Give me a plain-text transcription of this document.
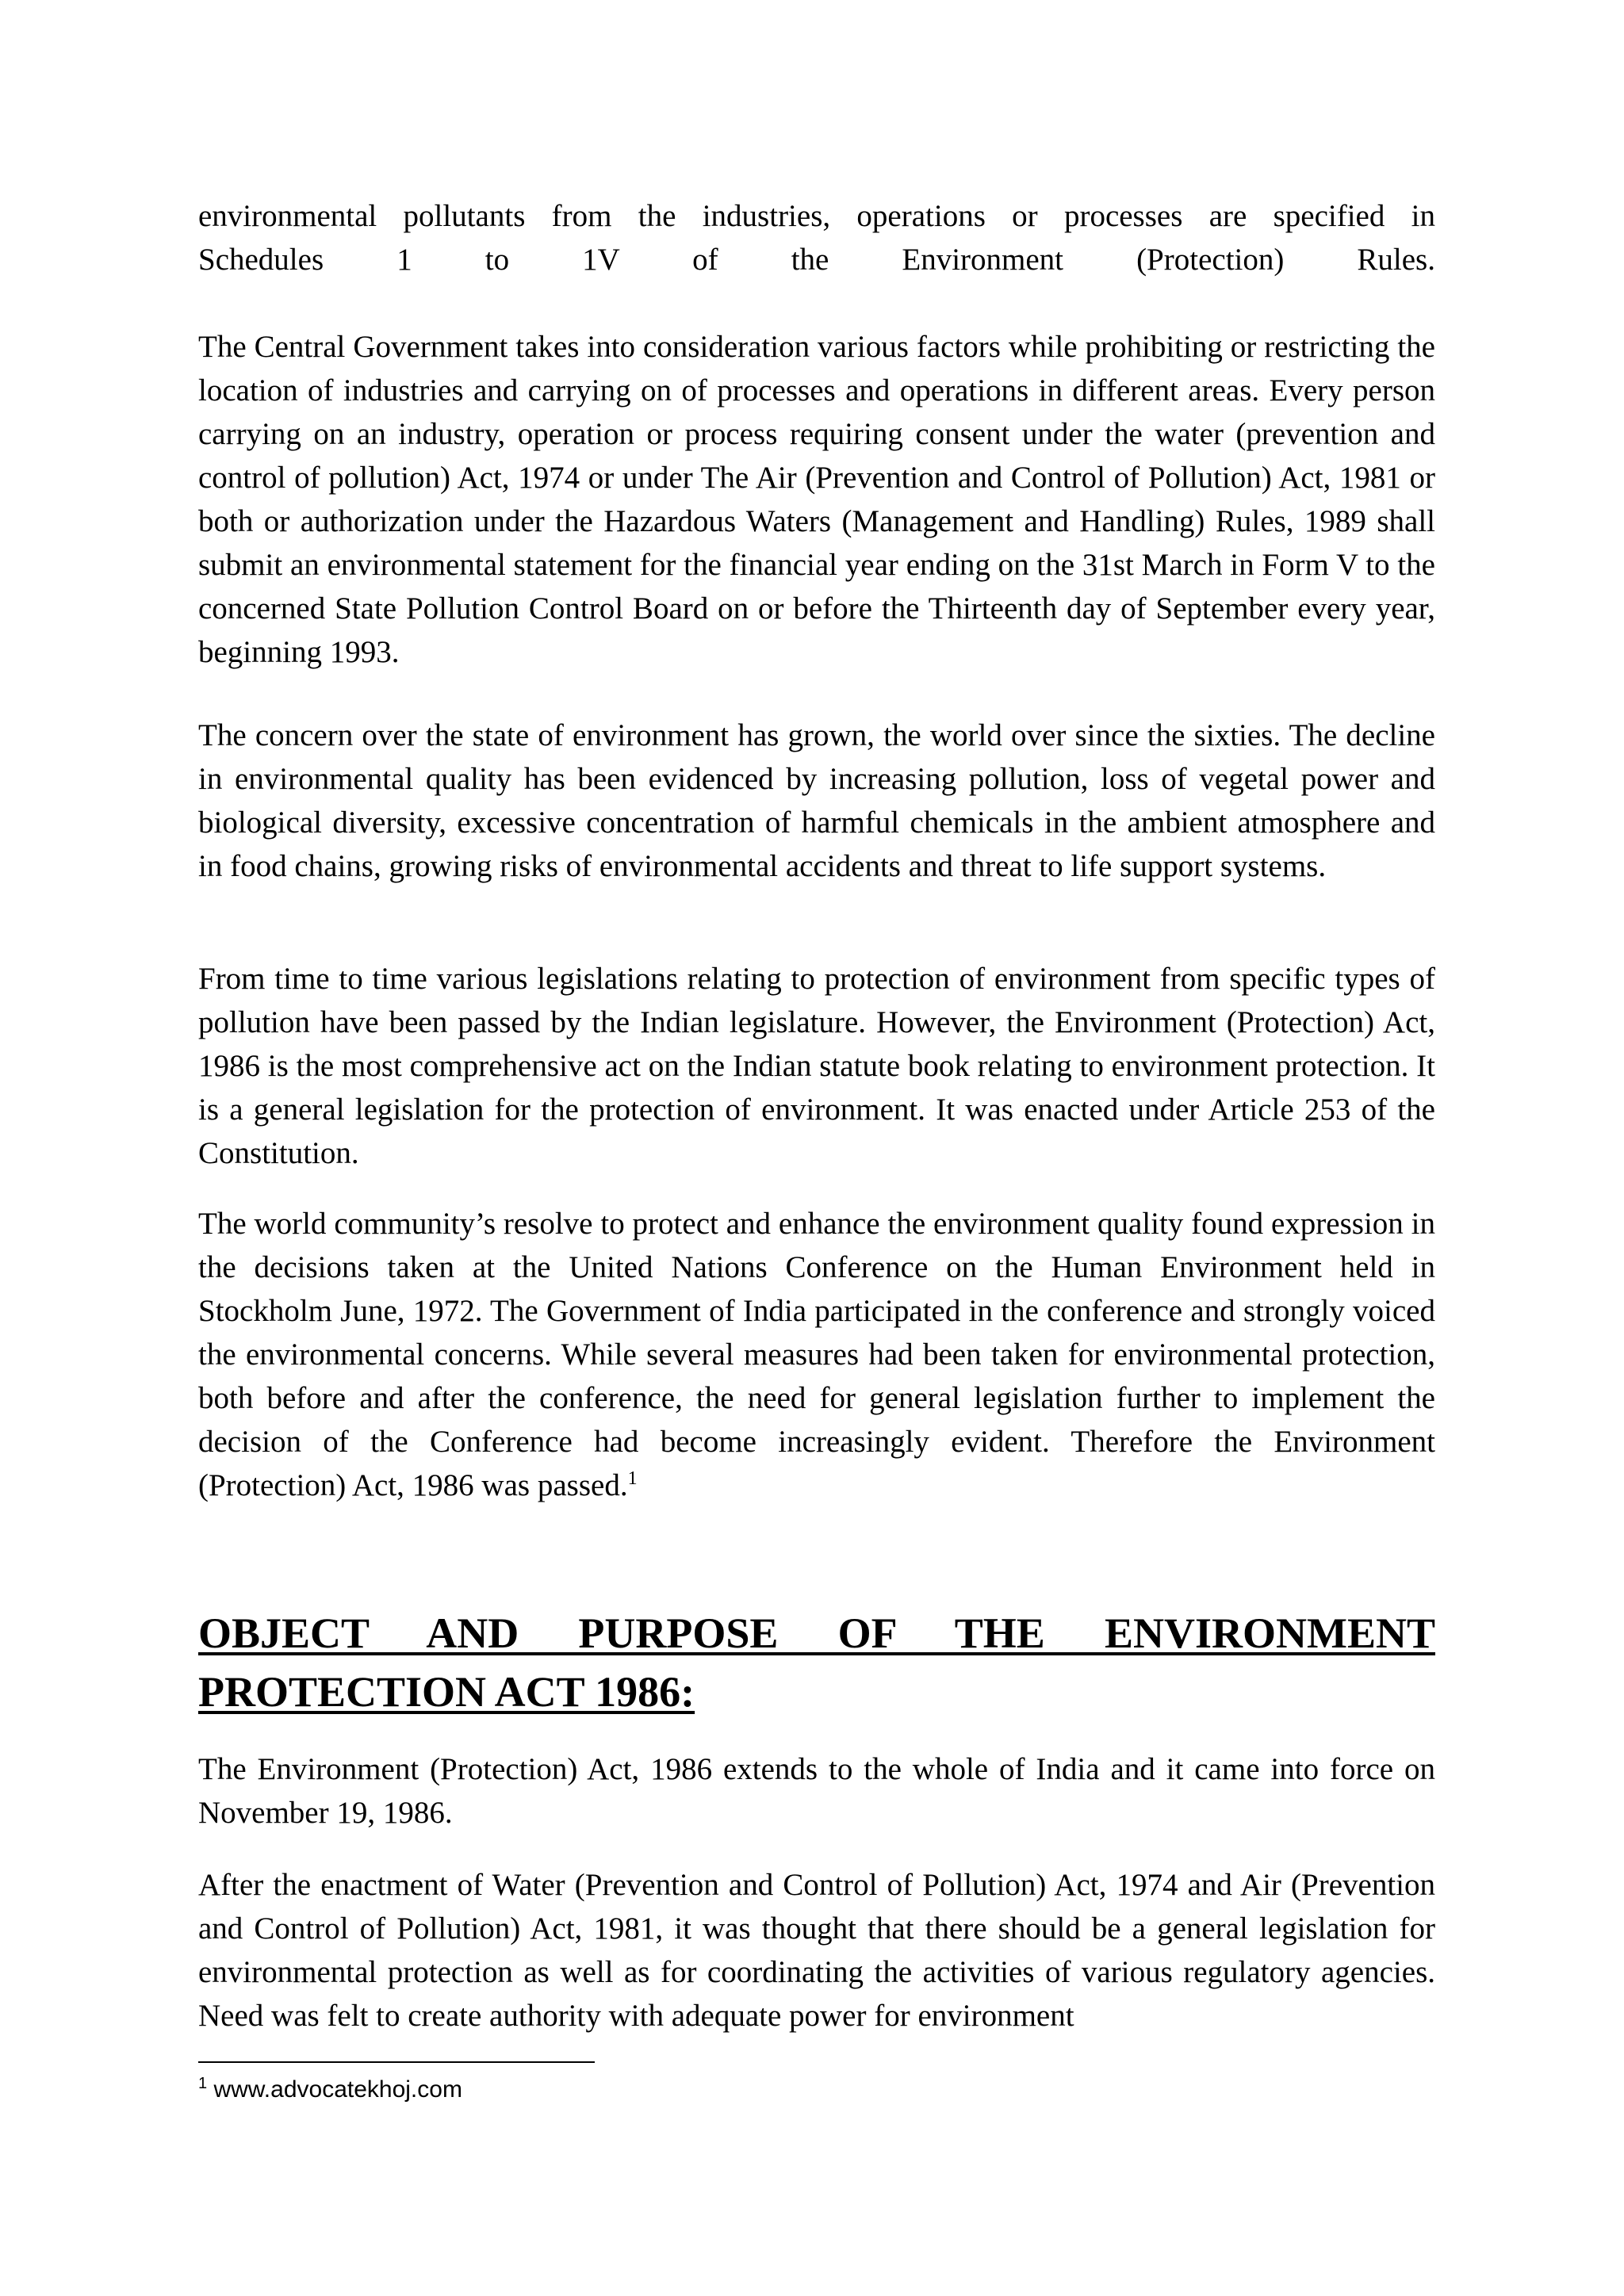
environmental pollutants from the industries, operations or processes are specified in

Schedules 1 to 1V of the Environment (Protection) Rules.

The Central Government takes into consideration various factors while prohibiting or restricting the location of industries and carrying on of processes and operations in different areas. Every person carrying on an industry, operation or process requiring consent under the water (prevention and control of pollution) Act, 1974 or under The Air (Prevention and Control of Pollution) Act, 1981 or both or authorization under the Hazardous Waters (Management and Handling) Rules, 1989 shall submit an environmental statement for the financial year ending on the 31st March in Form V to the concerned State Pollution Control Board on or before the Thirteenth day of September every year, beginning 1993.

The concern over the state of environment has grown, the world over since the sixties. The decline in environmental quality has been evidenced by increasing pollution, loss of vegetal power and biological diversity, excessive concentration of harmful chemicals in the ambient atmosphere and in food chains, growing risks of environmental accidents and threat to life support systems.

From time to time various legislations relating to protection of environment from specific types of pollution have been passed by the Indian legislature. However, the Environment (Protection) Act, 1986 is the most comprehensive act on the Indian statute book relating to environment protection. It is a general legislation for the protection of environment. It was enacted under Article 253 of the Constitution.

The world community’s resolve to protect and enhance the environment quality found expression in the decisions taken at the United Nations Conference on the Human Environment held in Stockholm June, 1972. The Government of India participated in the conference and strongly voiced the environmental concerns. While several measures had been taken for environmental protection, both before and after the conference, the need for general legislation further to implement the decision of the Conference had become increasingly evident. Therefore the Environment (Protection) Act, 1986 was passed.$^1$

OBJECT AND PURPOSE OF THE ENVIRONMENT
PROTECTION ACT 1986:

The Environment (Protection) Act, 1986 extends to the whole of India and it came into force on November 19, 1986.

After the enactment of Water (Prevention and Control of Pollution) Act, 1974 and Air (Prevention and Control of Pollution) Act, 1981, it was thought that there should be a general legislation for environmental protection as well as for coordinating the activities of various regulatory agencies. Need was felt to create authority with adequate power for environment

$^1$ www.advocatekhoj.com
